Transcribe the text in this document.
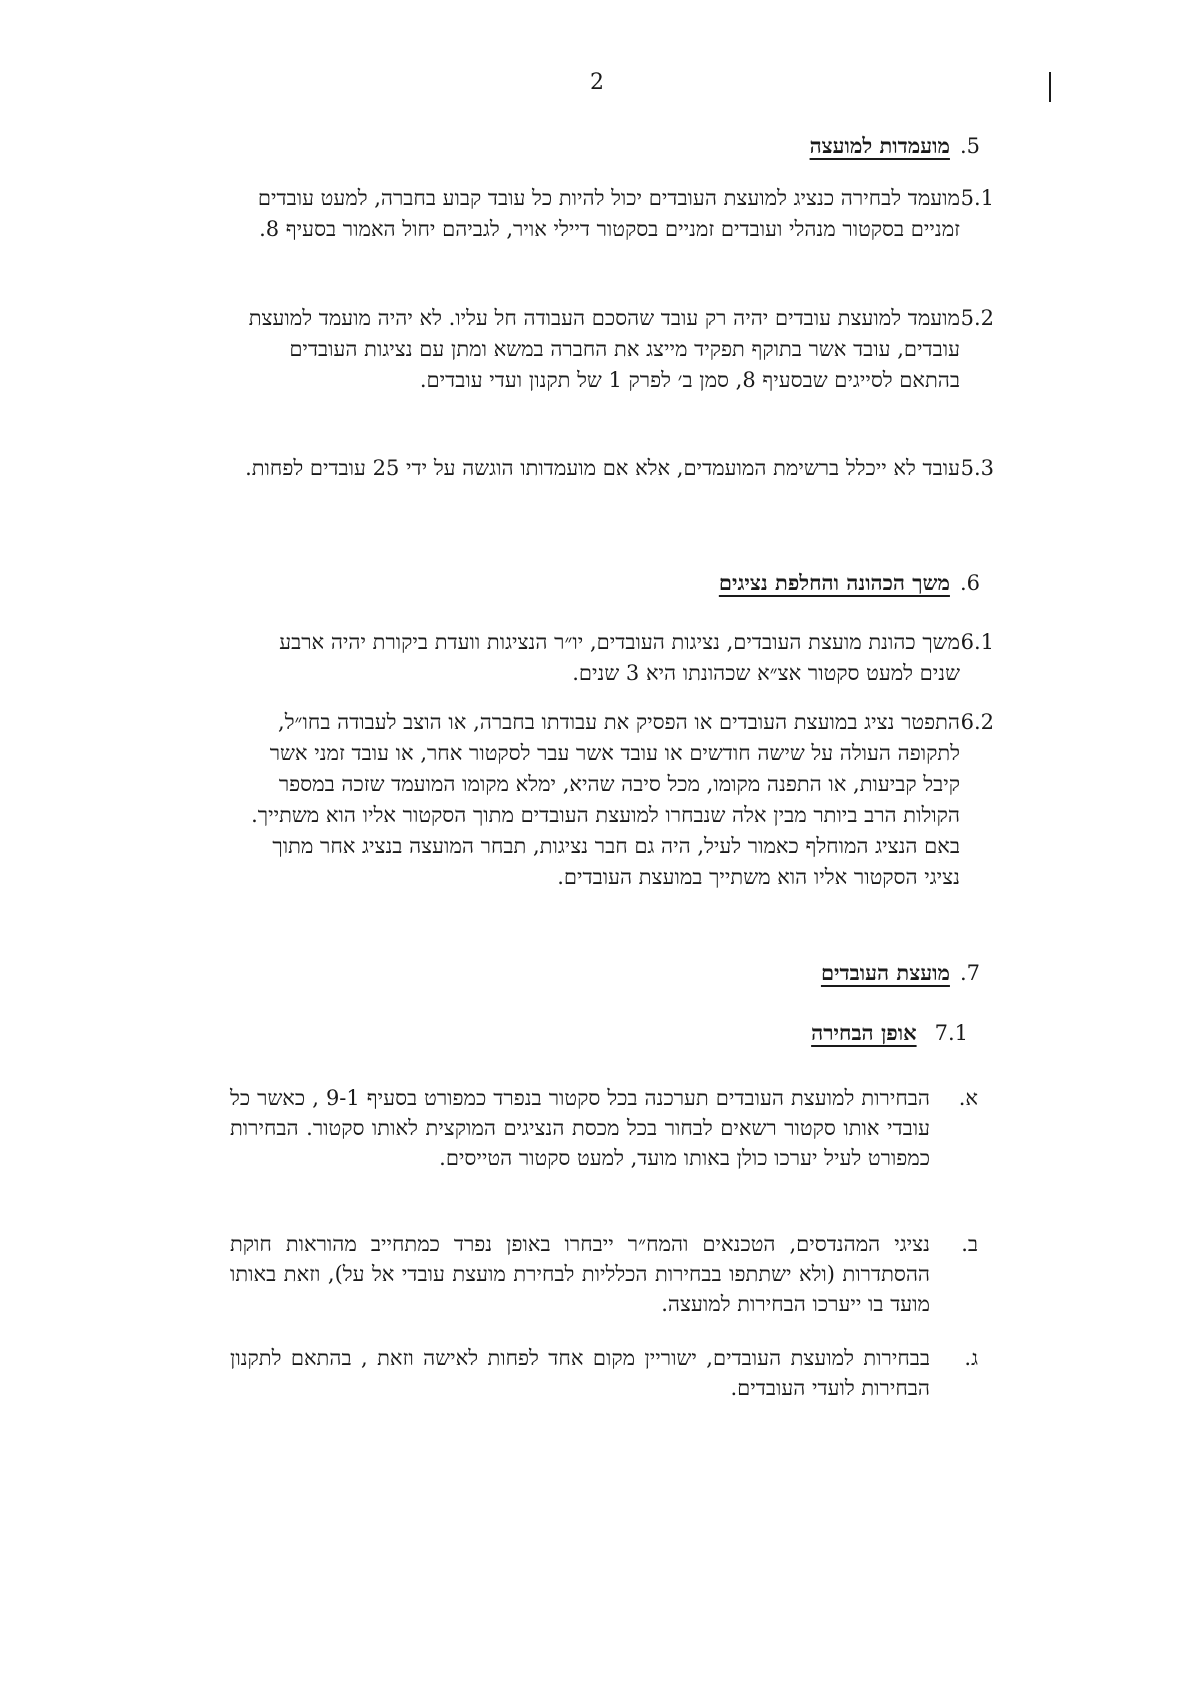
2
5.מועמדות למועצה
5.1
מועמד לבחירה כנציג למועצת העובדים יכול להיות כל עובד קבוע בחברה, למעט עובדים זמניים בסקטור מנהלי ועובדים זמניים בסקטור דיילי אויר, לגביהם יחול האמור בסעיף 8.
5.2
מועמד למועצת עובדים יהיה רק עובד שהסכם העבודה חל עליו. לא יהיה מועמד למועצת עובדים, עובד אשר בתוקף תפקיד מייצג את החברה במשא ומתן עם נציגות העובדים בהתאם לסייגים שבסעיף 8, סמן ב׳ לפרק 1 של תקנון ועדי עובדים.
5.3
עובד לא ייכלל ברשימת המועמדים, אלא אם מועמדותו הוגשה על ידי 25 עובדים לפחות.
6.משך הכהונה והחלפת נציגים
6.1
משך כהונת מועצת העובדים, נציגות העובדים, יו״ר הנציגות וועדת ביקורת יהיה ארבע שנים למעט סקטור אצ״א שכהונתו היא 3 שנים.
6.2
התפטר נציג במועצת העובדים או הפסיק את עבודתו בחברה, או הוצב לעבודה בחו״ל, לתקופה העולה על שישה חודשים או עובד אשר עבר לסקטור אחר, או עובד זמני אשר קיבל קביעות, או התפנה מקומו, מכל סיבה שהיא, ימלא מקומו המועמד שזכה במספר הקולות הרב ביותר מבין אלה שנבחרו למועצת העובדים מתוך הסקטור אליו הוא משתייך. באם הנציג המוחלף כאמור לעיל, היה גם חבר נציגות, תבחר המועצה בנציג אחר מתוך נציגי הסקטור אליו הוא משתייך במועצת העובדים.
7.מועצת העובדים
7.1אופן הבחירה
א.
הבחירות למועצת העובדים תערכנה בכל סקטור בנפרד כמפורט בסעיף 9-1 , כאשר כל עובדי אותו סקטור רשאים לבחור בכל מכסת הנציגים המוקצית לאותו סקטור. הבחירות כמפורט לעיל יערכו כולן באותו מועד, למעט סקטור הטייסים.
ב.
נציגי המהנדסים, הטכנאים והמח״ר ייבחרו באופן נפרד כמתחייב מהוראות חוקת ההסתדרות (ולא ישתתפו בבחירות הכלליות לבחירת מועצת עובדי אל על), וזאת באותו מועד בו ייערכו הבחירות למועצה.
ג.
בבחירות למועצת העובדים, ישוריין מקום אחד לפחות לאישה וזאת , בהתאם לתקנון הבחירות לועדי העובדים.
